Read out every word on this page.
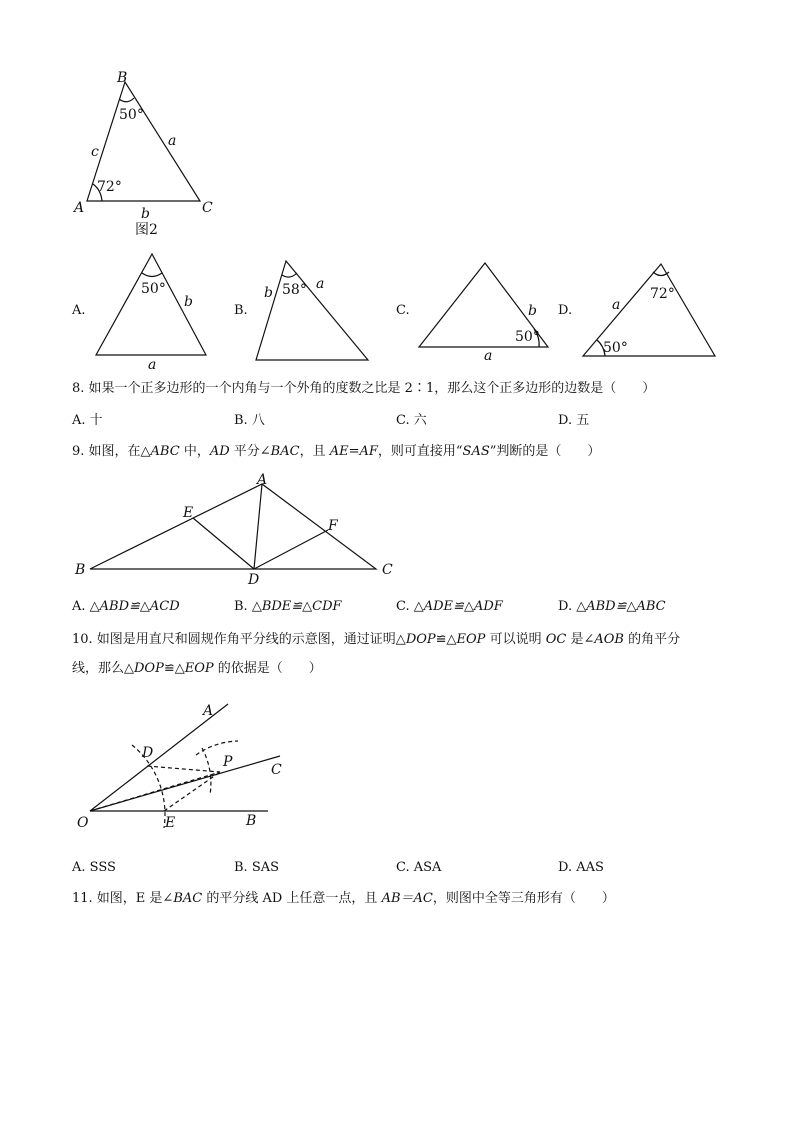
B
A	C
a
b
c
50°
72°
图2
A.
50°
b
a
B.
58°
b
a
C.
50°
b
a
D.
72°
50°
a
8. 如果一个正多边形的一个内角与一个外角的度数之比是 2∶1，那么这个正多边形的边数是（　　）
A. 十	B. 八	C. 六	D. 五
9. 如图，在△ABC 中，AD 平分∠BAC，且 AE=AF，则可直接用“SAS”判断的是（　　）
A
B	C
D
E
F
A. △ABD≌△ACD	B. △BDE≌△CDF	C. △ADE≌△ADF	D. △ABD≌△ABC
10. 如图是用直尺和圆规作角平分线的示意图，通过证明△DOP≌△EOP 可以说明 OC 是∠AOB 的角平分
线，那么△DOP≌△EOP 的依据是（　　）
A
B
C
D
E
O
P
A. SSS	B. SAS	C. ASA	D. AAS
11. 如图，E 是∠BAC 的平分线 AD 上任意一点，且 AB＝AC，则图中全等三角形有（　　）
